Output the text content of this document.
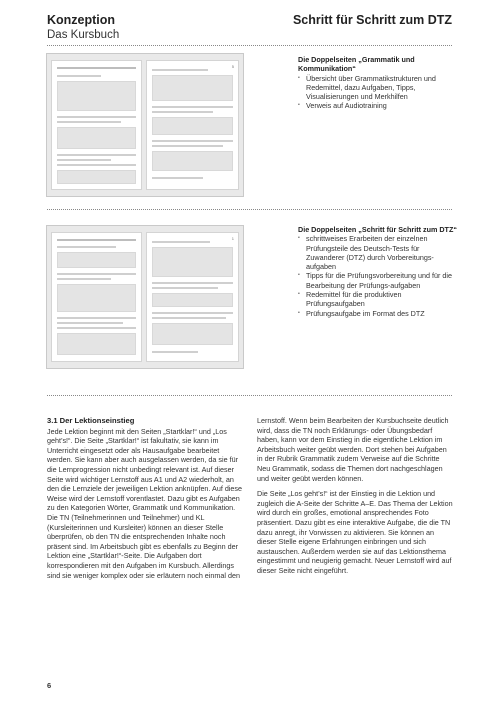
Konzeption
Das Kursbuch
Schritt für Schritt zum DTZ
5
Die Doppelseiten „Grammatik und Kommunikation“
▪ Übersicht über Grammatikstrukturen und Redemittel, dazu Aufgaben, Tipps, Visualisierungen und Merkhilfen
▪ Verweis auf Audiotraining
1
Die Doppelseiten „Schritt für Schritt zum DTZ“
▪ schrittweises Erarbeiten der einzelnen Prüfungsteile des Deutsch-Tests für Zuwanderer (DTZ) durch Vorbereitungs-aufgaben
▪ Tipps für die Prüfungsvorbereitung und für die Bearbeitung der Prüfungs-aufgaben
▪ Redemittel für die produktiven Prüfungsaufgaben
▪ Prüfungsaufgabe im Format des DTZ
3.1 Der Lektionseinstieg

Jede Lektion beginnt mit den Seiten „Startklar!“ und „Los geht’s!“. Die Seite „Startklar!“ ist fakultativ, sie kann im Unterricht eingesetzt oder als Hausaufgabe bearbeitet werden. Sie kann aber auch ausgelassen werden, da sie für die Lernprogression nicht unbedingt relevant ist. Auf dieser Seite wird wichtiger Lernstoff aus A1 und A2 wiederholt, an den die Lernziele der jeweiligen Lektion anknüpfen. Auf diese Weise wird der Lernstoff vorentlastet. Dazu gibt es Aufgaben zu den Kategorien Wörter, Grammatik und Kommunikation. Die TN (Teilnehmerinnen und Teilnehmer) und KL (Kursleiterinnen und Kursleiter) können an dieser Stelle überprüfen, ob den TN die entsprechenden Inhalte noch präsent sind. Im Arbeitsbuch gibt es ebenfalls zu Beginn der Lektion eine „Startklar!“-Seite. Die Aufgaben dort korrespondieren mit den Aufgaben im Kursbuch. Allerdings sind sie weniger komplex oder sie erläutern noch einmal den

Lernstoff. Wenn beim Bearbeiten der Kursbuchseite deutlich wird, dass die TN noch Erklärungs- oder Übungsbedarf haben, kann vor dem Einstieg in die eigentliche Lektion im Arbeitsbuch weiter geübt werden. Dort stehen bei Aufgaben in der Rubrik Grammatik zudem Verweise auf die Schritte Neu Grammatik, sodass die Themen dort nachgeschlagen und weiter geübt werden können.

Die Seite „Los geht’s!“ ist der Einstieg in die Lektion und zugleich die A-Seite der Schritte A–E. Das Thema der Lektion wird durch ein großes, emotional ansprechendes Foto präsentiert. Dazu gibt es eine interaktive Aufgabe, die die TN dazu anregt, ihr Vorwissen zu aktivieren. Sie können an dieser Stelle eigene Erfahrungen einbringen und sich austauschen. Außerdem werden sie auf das Lektionsthema eingestimmt und neugierig gemacht. Neuer Lernstoff wird auf dieser Seite nicht eingeführt.

6
